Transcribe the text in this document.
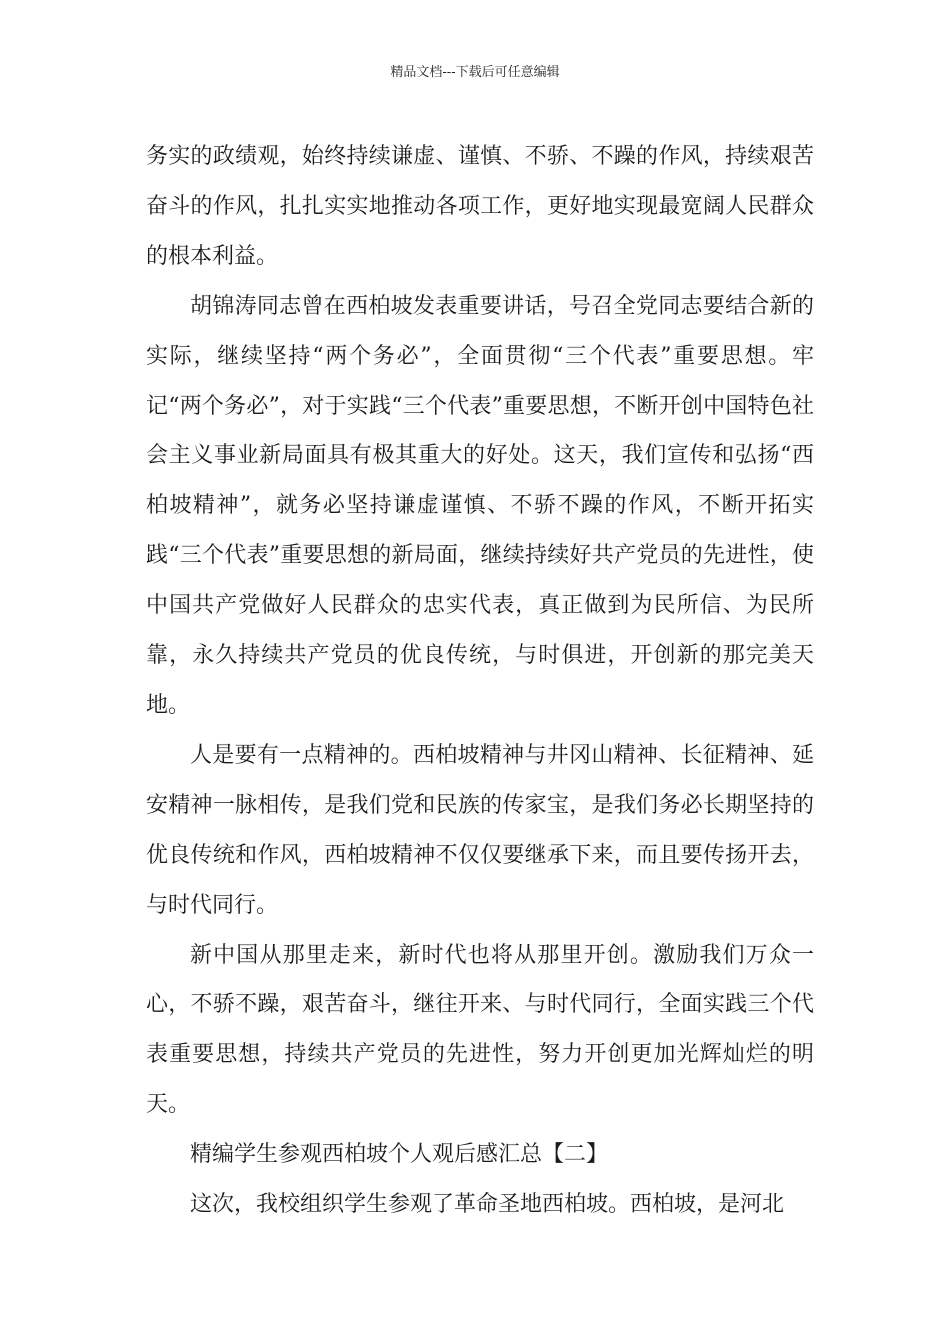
精品文档---下载后可任意编辑

务实的政绩观，始终持续谦虚、谨慎、不骄、不躁的作风，持续艰苦奋斗的作风，扎扎实实地推动各项工作，更好地实现最宽阔人民群众的根本利益。

胡锦涛同志曾在西柏坡发表重要讲话，号召全党同志要结合新的实际，继续坚持“两个务必”，全面贯彻“三个代表”重要思想。牢记“两个务必”，对于实践“三个代表”重要思想，不断开创中国特色社会主义事业新局面具有极其重大的好处。这天，我们宣传和弘扬“西柏坡精神”，就务必坚持谦虚谨慎、不骄不躁的作风，不断开拓实践“三个代表”重要思想的新局面，继续持续好共产党员的先进性，使中国共产党做好人民群众的忠实代表，真正做到为民所信、为民所靠，永久持续共产党员的优良传统，与时俱进，开创新的那完美天地。

人是要有一点精神的。西柏坡精神与井冈山精神、长征精神、延安精神一脉相传，是我们党和民族的传家宝，是我们务必长期坚持的优良传统和作风，西柏坡精神不仅仅要继承下来，而且要传扬开去，与时代同行。

新中国从那里走来，新时代也将从那里开创。激励我们万众一心，不骄不躁，艰苦奋斗，继往开来、与时代同行，全面实践三个代表重要思想，持续共产党员的先进性，努力开创更加光辉灿烂的明天。

精编学生参观西柏坡个人观后感汇总【二】

这次，我校组织学生参观了革命圣地西柏坡。西柏坡，是河北
